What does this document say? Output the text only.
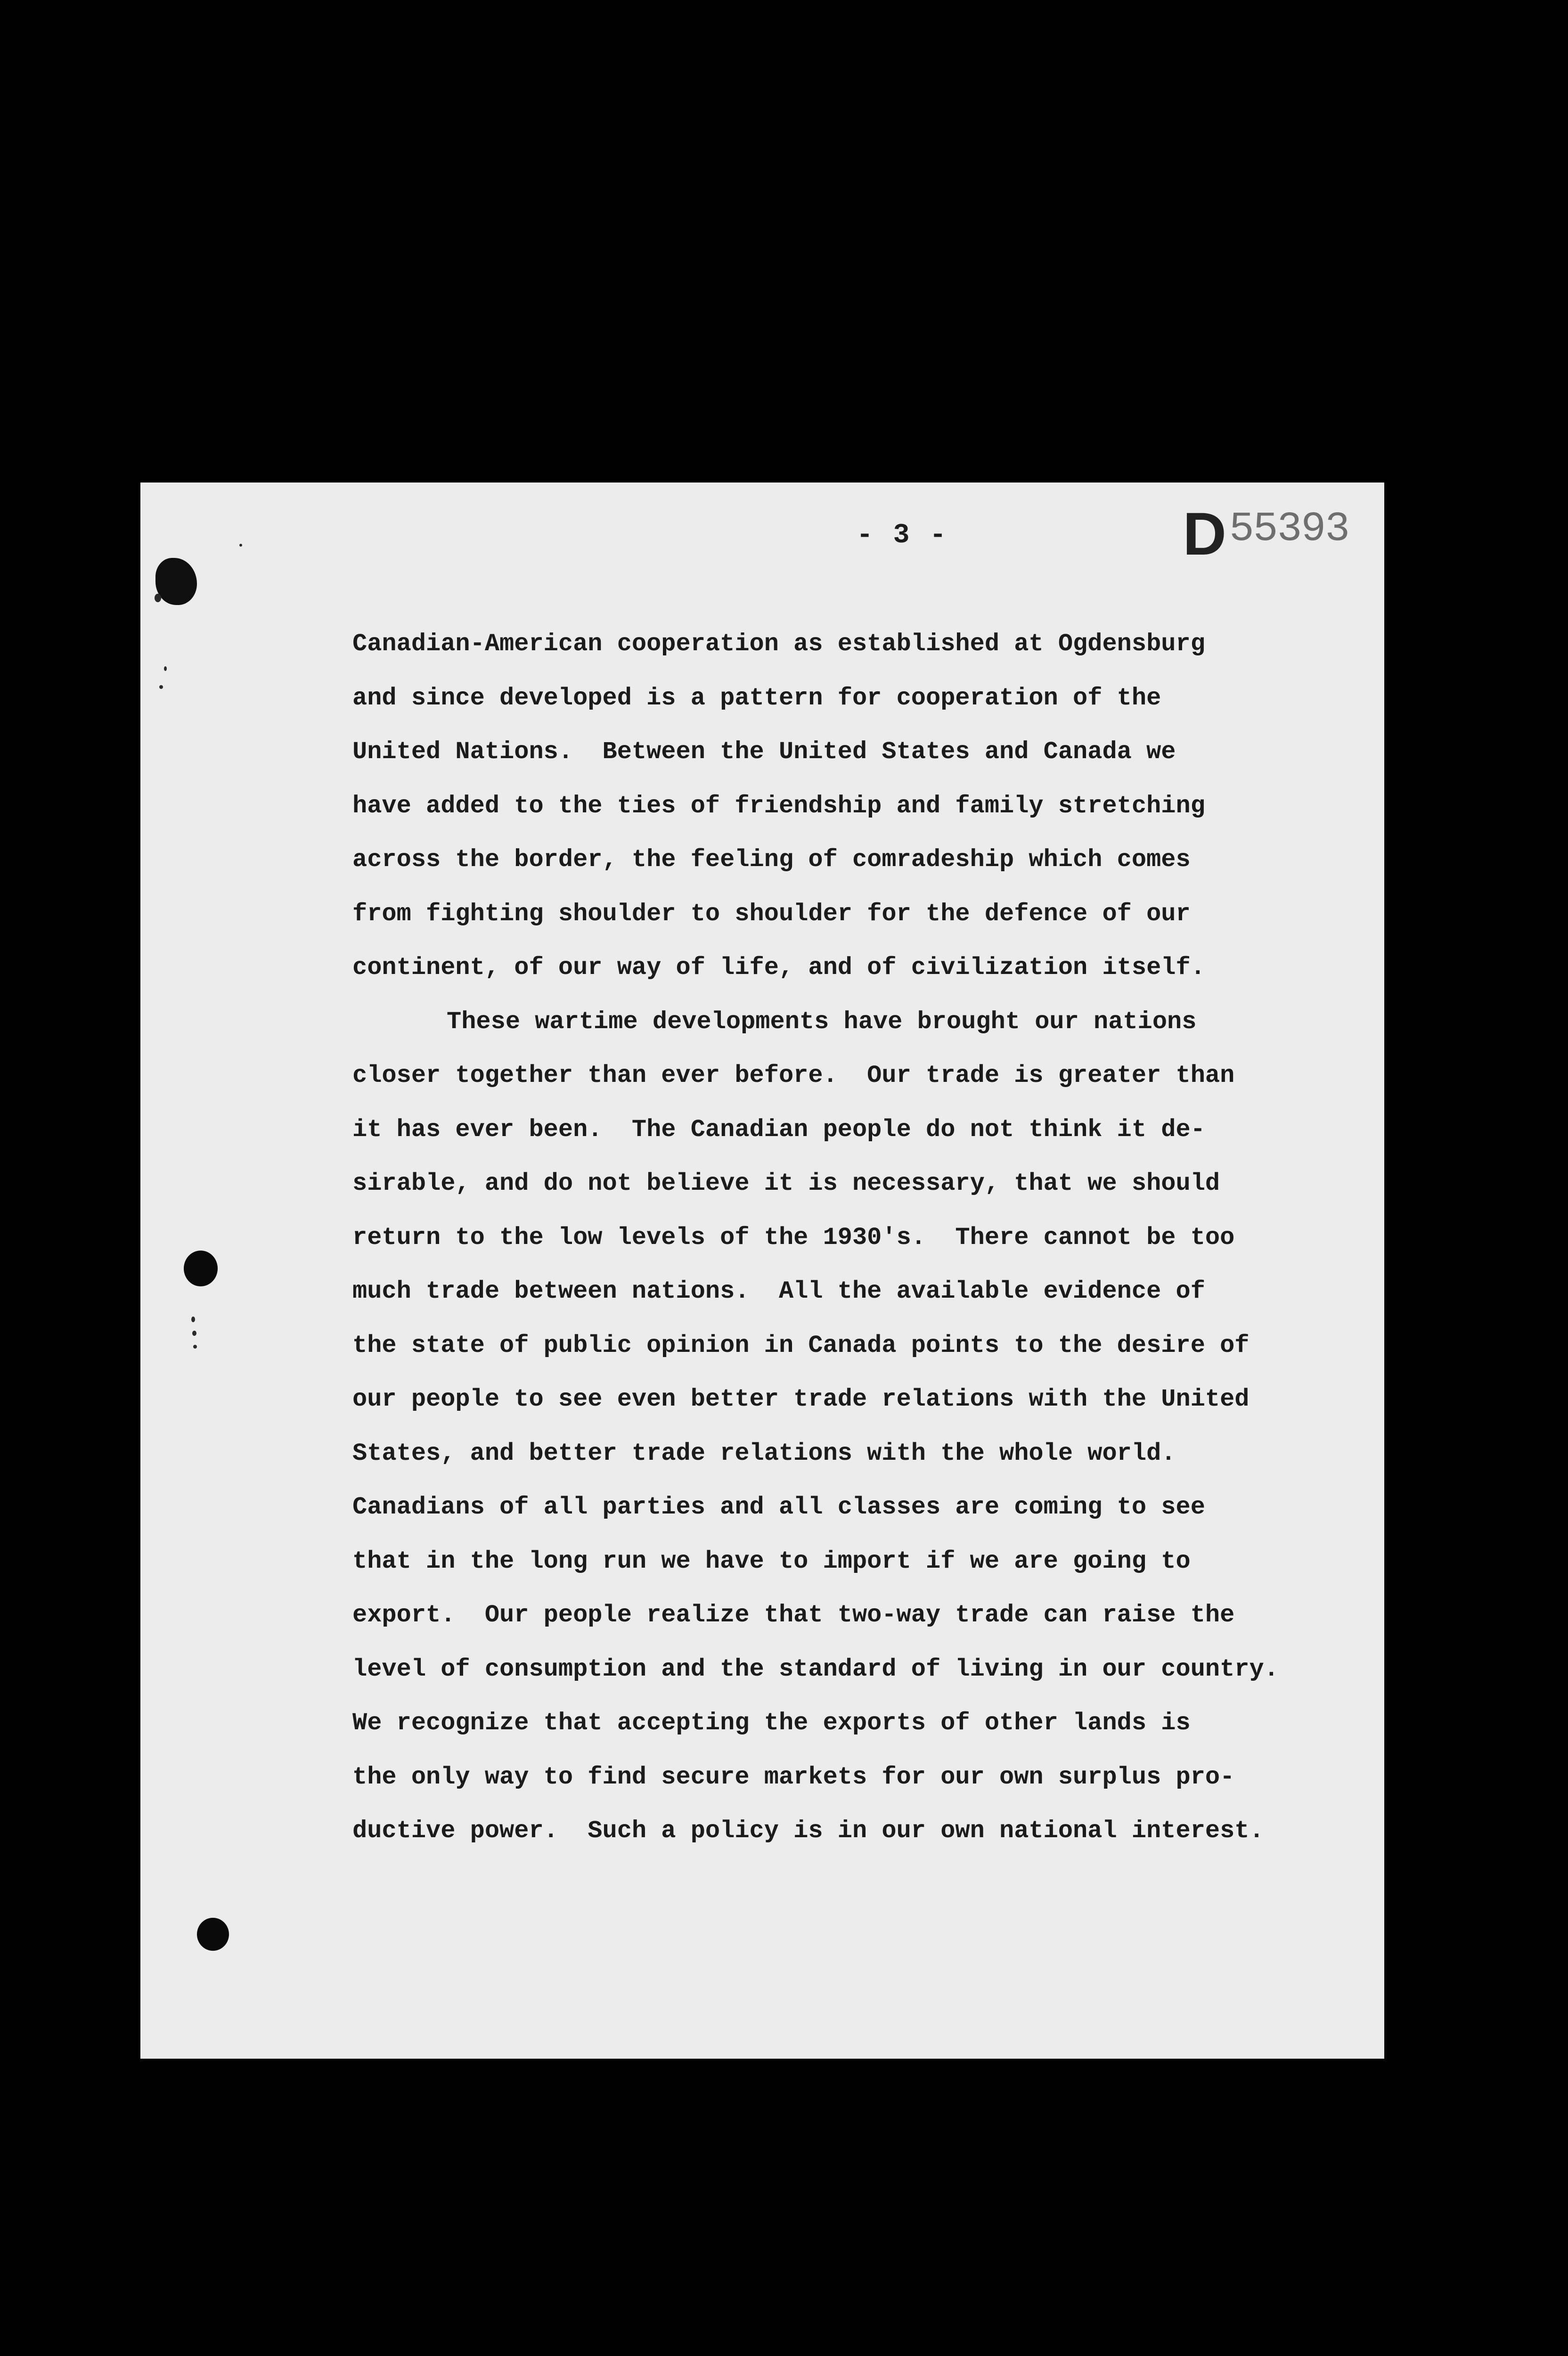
- 3 -	D 55393
Canadian-American cooperation as established at Ogdensburg
and since developed is a pattern for cooperation of the
United Nations.  Between the United States and Canada we
have added to the ties of friendship and family stretching
across the border, the feeling of comradeship which comes
from fighting shoulder to shoulder for the defence of our
continent, of our way of life, and of civilization itself.
These wartime developments have brought our nations
closer together than ever before.  Our trade is greater than
it has ever been.  The Canadian people do not think it de-
sirable, and do not believe it is necessary, that we should
return to the low levels of the 1930's.  There cannot be too
much trade between nations.  All the available evidence of
the state of public opinion in Canada points to the desire of
our people to see even better trade relations with the United
States, and better trade relations with the whole world.
Canadians of all parties and all classes are coming to see
that in the long run we have to import if we are going to
export.  Our people realize that two-way trade can raise the
level of consumption and the standard of living in our country.
We recognize that accepting the exports of other lands is
the only way to find secure markets for our own surplus pro-
ductive power.  Such a policy is in our own national interest.
